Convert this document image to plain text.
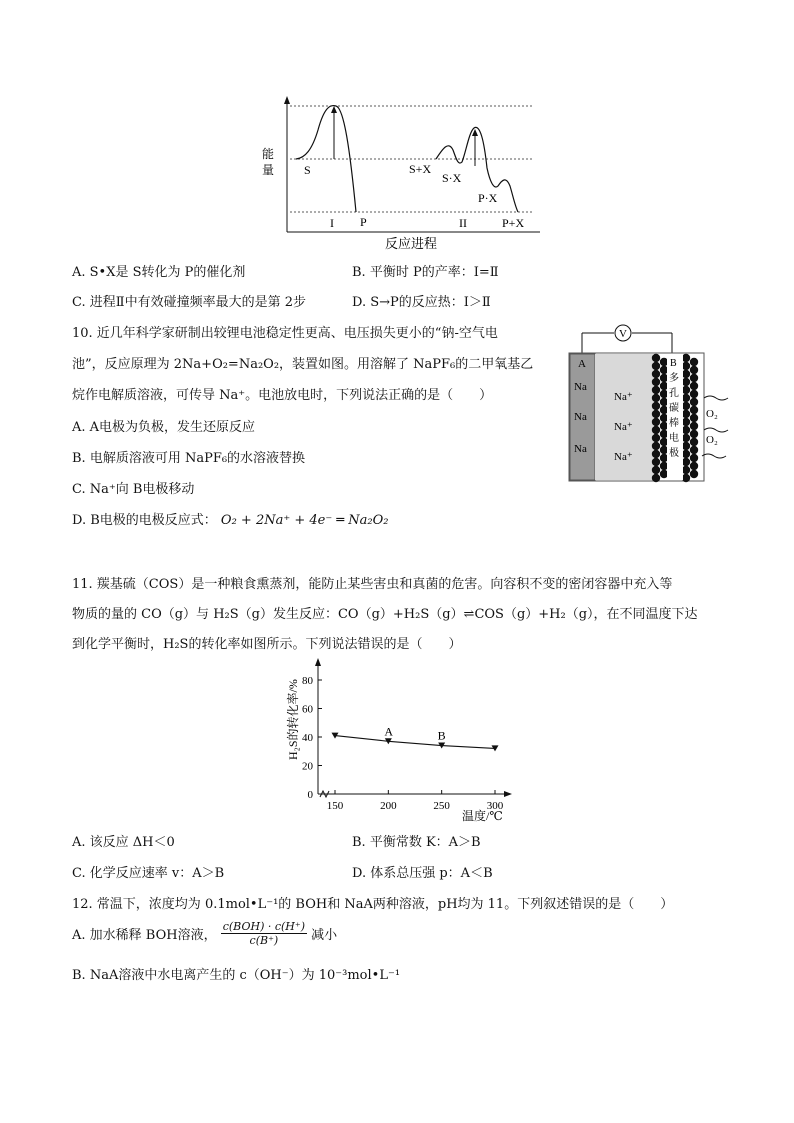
能
量 S
I P
S+X
S·X
P·X
II	P+X
反应进程
A. S•X是 S转化为 P的催化剂	B. 平衡时 P的产率：Ⅰ=Ⅱ
C. 进程Ⅱ中有效碰撞频率最大的是第 2步	D. S→P的反应热：Ⅰ＞Ⅱ
10. 近几年科学家研制出较锂电池稳定性更高、电压损失更小的“钠-空气电
池”，反应原理为 2Na+O₂=Na₂O₂，装置如图。用溶解了 NaPF₆的二甲氧基乙
烷作电解质溶液，可传导 Na⁺。电池放电时，下列说法正确的是（　　）
A. A电极为负极，发生还原反应
B. 电解质溶液可用 NaPF₆的水溶液替换
C. Na⁺向 B电极移动
D. B电极的电极反应式： O₂ + 2Na⁺ + 4e⁻ ═ Na₂O₂
V
A
Na
Na
Na
Na⁺
Na⁺
Na⁺
B
多
孔
碳
棒
电
极
O₂
O₂
11. 羰基硫（COS）是一种粮食熏蒸剂，能防止某些害虫和真菌的危害。向容积不变的密闭容器中充入等
物质的量的 CO（g）与 H₂S（g）发生反应：CO（g）+H₂S（g）⇌COS（g）+H₂（g），在不同温度下达
到化学平衡时，H₂S的转化率如图所示。下列说法错误的是（　　）
0
20
40
60
80
150	200	250	300
A	B
H₂S的转化率/%
温度/℃
A. 该反应 ΔH＜0	B. 平衡常数 K：A＞B
C. 化学反应速率 v：A＞B	D. 体系总压强 p：A＜B
12. 常温下，浓度均为 0.1mol•L⁻¹的 BOH和 NaA两种溶液，pH均为 11。下列叙述错误的是（　　）
A. 加水稀释 BOH溶液， $\frac{\text{c(BOH) · c(H⁺)}}{c(B^+)}$ 减小
B. NaA溶液中水电离产生的 c（OH⁻）为 10⁻³mol•L⁻¹
